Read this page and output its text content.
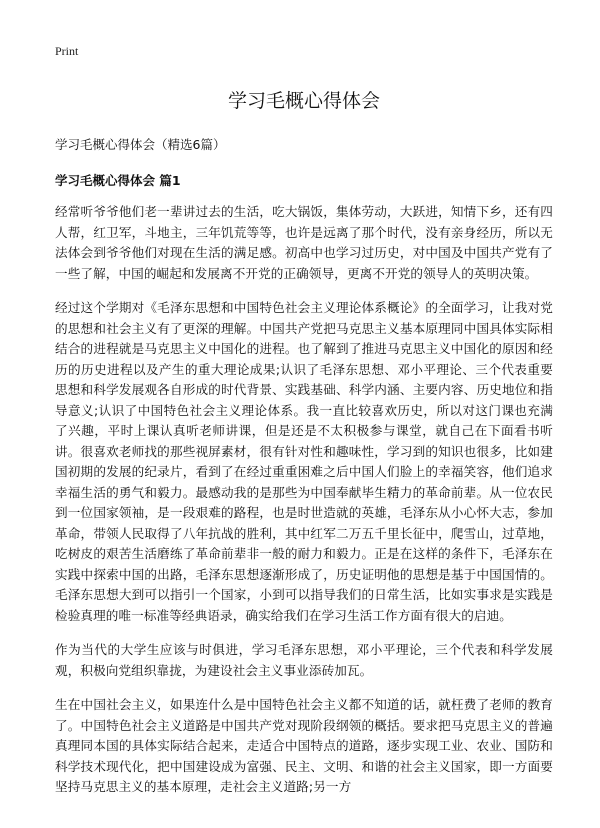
Print

学习毛概心得体会

学习毛概心得体会（精选6篇）

学习毛概心得体会 篇1

经常听爷爷他们老一辈讲过去的生活，吃大锅饭，集体劳动，大跃进，知情下乡，还有四人帮，红卫军，斗地主，三年饥荒等等，也许是远离了那个时代，没有亲身经历，所以无法体会到爷爷他们对现在生活的满足感。初高中也学习过历史，对中国及中国共产党有了一些了解，中国的崛起和发展离不开党的正确领导，更离不开党的领导人的英明决策。

经过这个学期对《毛泽东思想和中国特色社会主义理论体系概论》的全面学习，让我对党的思想和社会主义有了更深的理解。中国共产党把马克思主义基本原理同中国具体实际相结合的进程就是马克思主义中国化的进程。也了解到了推进马克思主义中国化的原因和经历的历史进程以及产生的重大理论成果;认识了毛泽东思想、邓小平理论、三个代表重要思想和科学发展观各自形成的时代背景、实践基础、科学内涵、主要内容、历史地位和指导意义;认识了中国特色社会主义理论体系。我一直比较喜欢历史，所以对这门课也充满了兴趣，平时上课认真听老师讲课，但是还是不太积极参与课堂，就自己在下面看书听讲。很喜欢老师找的那些视屏素材，很有针对性和趣味性，学习到的知识也很多，比如建国初期的发展的纪录片，看到了在经过重重困难之后中国人们脸上的幸福笑容，他们追求幸福生活的勇气和毅力。最感动我的是那些为中国奉献毕生精力的革命前辈。从一位农民到一位国家领袖，是一段艰难的路程，也是时世造就的英雄，毛泽东从小心怀大志，参加革命，带领人民取得了八年抗战的胜利，其中红军二万五千里长征中，爬雪山，过草地，吃树皮的艰苦生活磨练了革命前辈非一般的耐力和毅力。正是在这样的条件下，毛泽东在实践中探索中国的出路，毛泽东思想逐渐形成了，历史证明他的思想是基于中国国情的。毛泽东思想大到可以指引一个国家，小到可以指导我们的日常生活，比如实事求是实践是检验真理的唯一标准等经典语录，确实给我们在学习生活工作方面有很大的启迪。

作为当代的大学生应该与时俱进，学习毛泽东思想，邓小平理论，三个代表和科学发展观，积极向党组织靠拢，为建设社会主义事业添砖加瓦。

生在中国社会主义，如果连什么是中国特色社会主义都不知道的话，就枉费了老师的教育了。中国特色社会主义道路是中国共产党对现阶段纲领的概括。要求把马克思主义的普遍真理同本国的具体实际结合起来，走适合中国特点的道路，逐步实现工业、农业、国防和科学技术现代化，把中国建设成为富强、民主、文明、和谐的社会主义国家，即一方面要坚持马克思主义的基本原理，走社会主义道路;另一方
